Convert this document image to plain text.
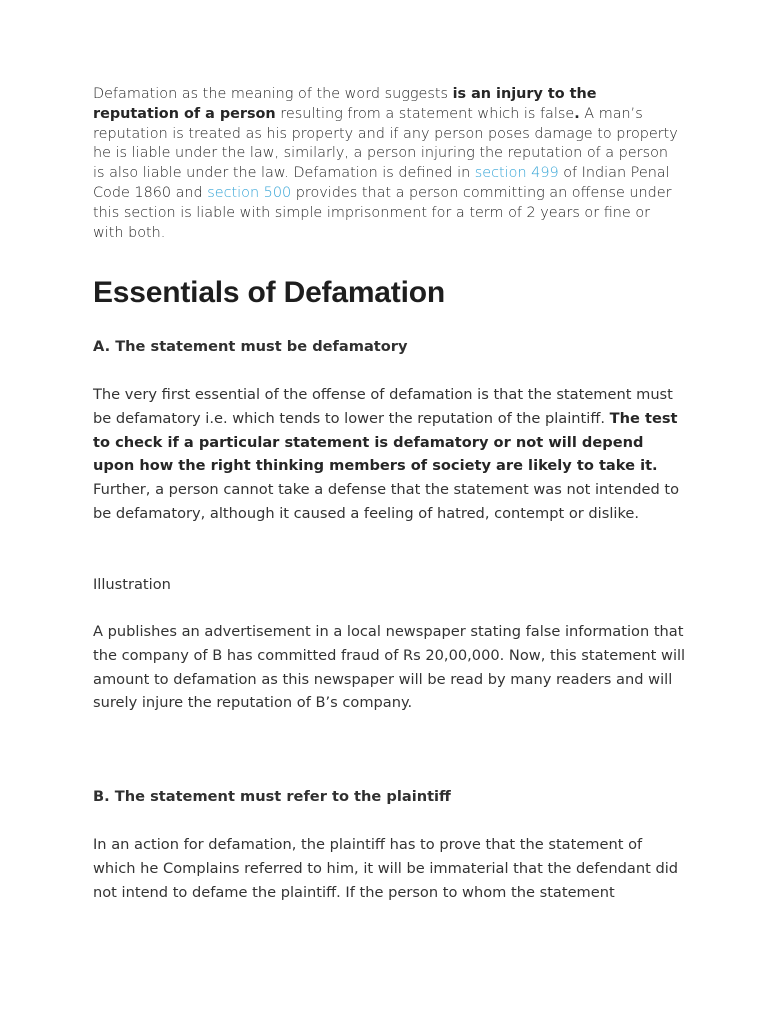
Defamation as the meaning of the word suggests is an injury to the reputation of a person resulting from a statement which is false. A man’s reputation is treated as his property and if any person poses damage to property he is liable under the law, similarly, a person injuring the reputation of a person is also liable under the law. Defamation is defined in section 499 of Indian Penal Code 1860 and section 500 provides that a person committing an offense under this section is liable with simple imprisonment for a term of 2 years or fine or with both.

Essentials of Defamation

A. The statement must be defamatory

The very first essential of the offense of defamation is that the statement must be defamatory i.e. which tends to lower the reputation of the plaintiff. The test to check if a particular statement is defamatory or not will depend upon how the right thinking members of society are likely to take it. Further, a person cannot take a defense that the statement was not intended to be defamatory, although it caused a feeling of hatred, contempt or dislike.

Illustration

A publishes an advertisement in a local newspaper stating false information that the company of B has committed fraud of Rs 20,00,000. Now, this statement will amount to defamation as this newspaper will be read by many readers and will surely injure the reputation of B’s company.

B. The statement must refer to the plaintiff

In an action for defamation, the plaintiff has to prove that the statement of which he Complains referred to him, it will be immaterial that the defendant did not intend to defame the plaintiff. If the person to whom the statement
